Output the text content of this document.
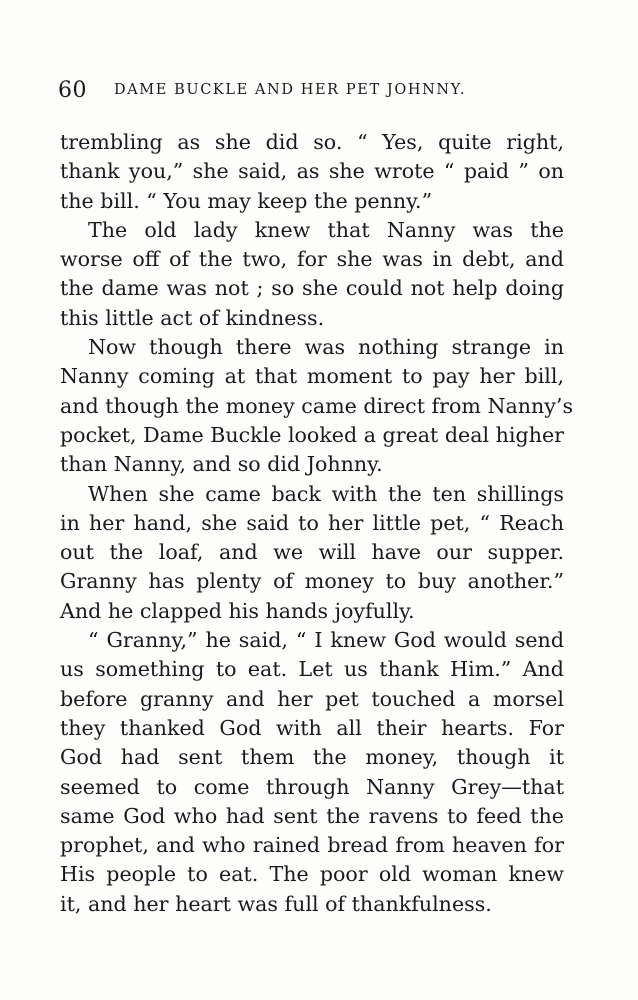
60 DAME BUCKLE AND HER PET JOHNNY.
trembling as she did so. “ Yes, quite right,
thank you,” she said, as she wrote “ paid ” on
the bill. “ You may keep the penny.”
The old lady knew that Nanny was the
worse off of the two, for she was in debt, and
the dame was not ; so she could not help doing
this little act of kindness.
Now though there was nothing strange in
Nanny coming at that moment to pay her bill,
and though the money came direct from Nanny’s
pocket, Dame Buckle looked a great deal higher
than Nanny, and so did Johnny.
When she came back with the ten shillings
in her hand, she said to her little pet, “ Reach
out the loaf, and we will have our supper.
Granny has plenty of money to buy another.”
And he clapped his hands joyfully.
“ Granny,” he said, “ I knew God would send
us something to eat. Let us thank Him.” And
before granny and her pet touched a morsel
they thanked God with all their hearts. For
God had sent them the money, though it
seemed to come through Nanny Grey—that
same God who had sent the ravens to feed the
prophet, and who rained bread from heaven for
His people to eat. The poor old woman knew
it, and her heart was full of thankfulness.
